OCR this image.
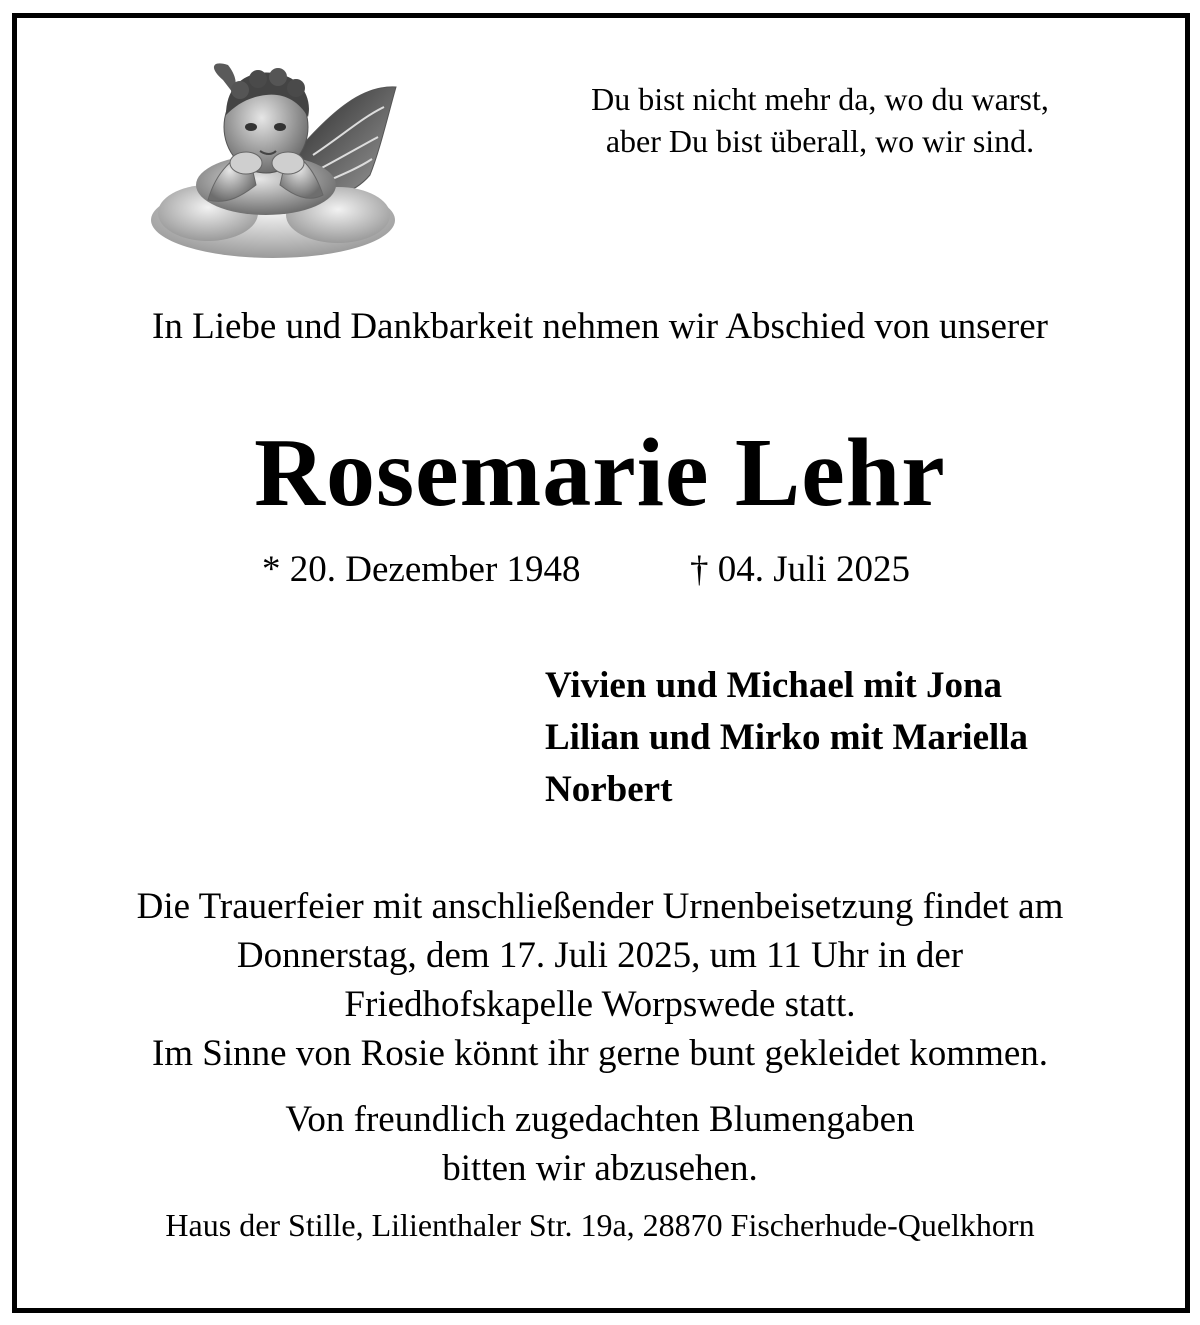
Du bist nicht mehr da, wo du warst,
aber Du bist überall, wo wir sind.
In Liebe und Dankbarkeit nehmen wir Abschied von unserer
Rosemarie Lehr
* 20. Dezember 1948	† 04. Juli 2025
Vivien und Michael mit Jona
Lilian und Mirko mit Mariella
Norbert
Die Trauerfeier mit anschließender Urnenbeisetzung findet am
Donnerstag, dem 17. Juli 2025, um 11 Uhr in der
Friedhofskapelle Worpswede statt.
Im Sinne von Rosie könnt ihr gerne bunt gekleidet kommen.
Von freundlich zugedachten Blumengaben
bitten wir abzusehen.
Haus der Stille, Lilienthaler Str. 19a, 28870 Fischerhude-Quelkhorn
